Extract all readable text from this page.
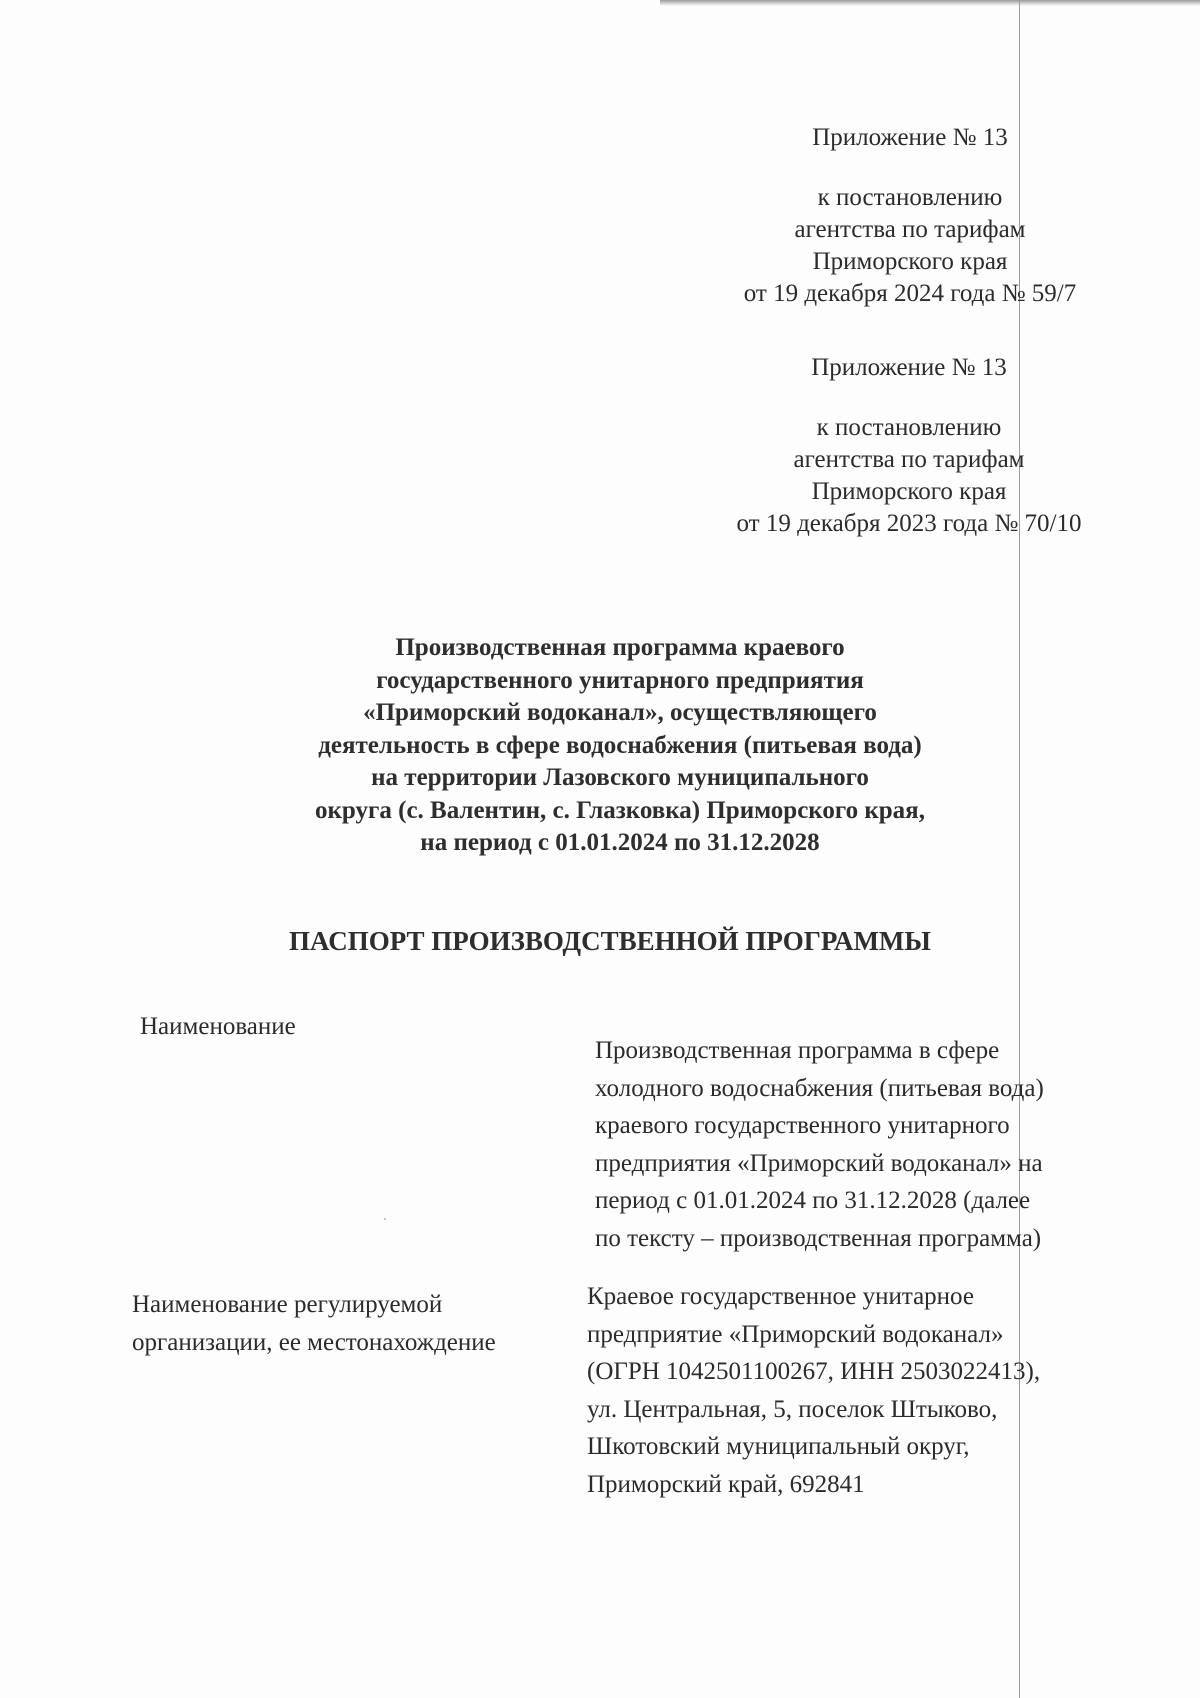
Приложение № 13
к постановлению
агентства по тарифам
Приморского края
от 19 декабря 2024 года № 59/7
Приложение № 13
к постановлению
агентства по тарифам
Приморского края
от 19 декабря 2023 года № 70/10
Производственная программа краевого
государственного унитарного предприятия
«Приморский водоканал», осуществляющего
деятельность в сфере водоснабжения (питьевая вода)
на территории Лазовского муниципального
округа (с. Валентин, с. Глазковка) Приморского края,
на период с 01.01.2024 по 31.12.2028
ПАСПОРТ ПРОИЗВОДСТВЕННОЙ ПРОГРАММЫ
Наименование
Производственная программа в сфере
холодного водоснабжения (питьевая вода)
краевого государственного унитарного
предприятия «Приморский водоканал» на
период с 01.01.2024 по 31.12.2028 (далее
по тексту – производственная программа)
Наименование регулируемой
организации, ее местонахождение
Краевое государственное унитарное
предприятие «Приморский водоканал»
(ОГРН 1042501100267, ИНН 2503022413),
ул. Центральная, 5, поселок Штыково,
Шкотовский муниципальный округ,
Приморский край, 692841
